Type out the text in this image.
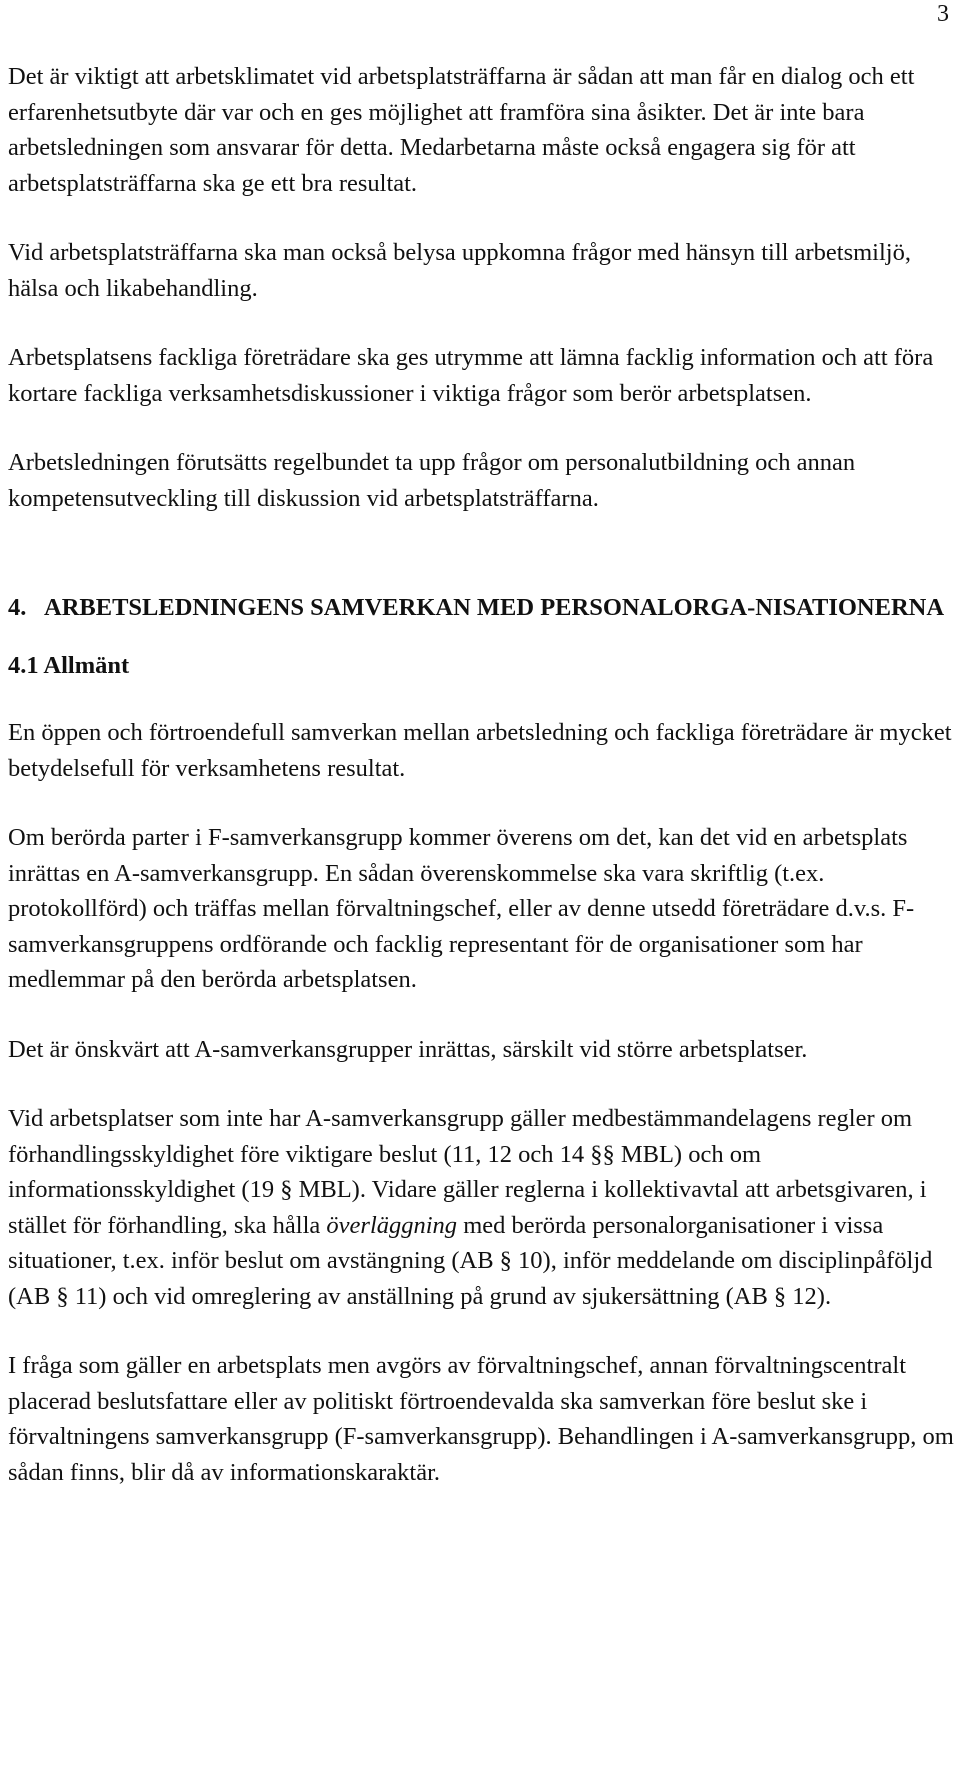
3

Det är viktigt att arbetsklimatet vid arbetsplatsträffarna är sådan att man får en dialog och ett erfarenhetsutbyte där var och en ges möjlighet att framföra sina åsikter. Det är inte bara arbetsledningen som ansvarar för detta. Medarbetarna måste också engagera sig för att arbetsplatsträffarna ska ge ett bra resultat.

Vid arbetsplatsträffarna ska man också belysa uppkomna frågor med hänsyn till arbetsmiljö, hälsa och likabehandling.

Arbetsplatsens fackliga företrädare ska ges utrymme att lämna facklig information och att föra kortare fackliga verksamhetsdiskussioner i viktiga frågor som berör arbetsplatsen.

Arbetsledningen förutsätts regelbundet ta upp frågor om personalutbildning och annan kompetensutveckling till diskussion vid arbetsplatsträffarna.

4. ARBETSLEDNINGENS SAMVERKAN MED PERSONALORGA-NISATIONERNA
4.1 Allmänt

En öppen och förtroendefull samverkan mellan arbetsledning och fackliga företrädare är mycket betydelsefull för verksamhetens resultat.

Om berörda parter i F-samverkansgrupp kommer överens om det, kan det vid en arbetsplats inrättas en A-samverkansgrupp. En sådan överenskommelse ska vara skriftlig (t.ex. protokollförd) och träffas mellan förvaltningschef, eller av denne utsedd företrädare d.v.s. F-samverkansgruppens ordförande och facklig representant för de organisationer som har medlemmar på den berörda arbetsplatsen.

Det är önskvärt att A-samverkansgrupper inrättas, särskilt vid större arbetsplatser.

Vid arbetsplatser som inte har A-samverkansgrupp gäller medbestämmandelagens regler om förhandlingsskyldighet före viktigare beslut (11, 12 och 14 §§ MBL) och om informationsskyldighet (19 § MBL). Vidare gäller reglerna i kollektivavtal att arbetsgivaren, i stället för förhandling, ska hålla överläggning med berörda personalorganisationer i vissa situationer, t.ex. inför beslut om avstängning (AB § 10), inför meddelande om disciplinpåföljd (AB § 11) och vid omreglering av anställning på grund av sjukersättning (AB § 12).

I fråga som gäller en arbetsplats men avgörs av förvaltningschef, annan förvaltningscentralt placerad beslutsfattare eller av politiskt förtroendevalda ska samverkan före beslut ske i förvaltningens samverkansgrupp (F-samverkansgrupp). Behandlingen i A-samverkansgrupp, om sådan finns, blir då av informationskaraktär.
